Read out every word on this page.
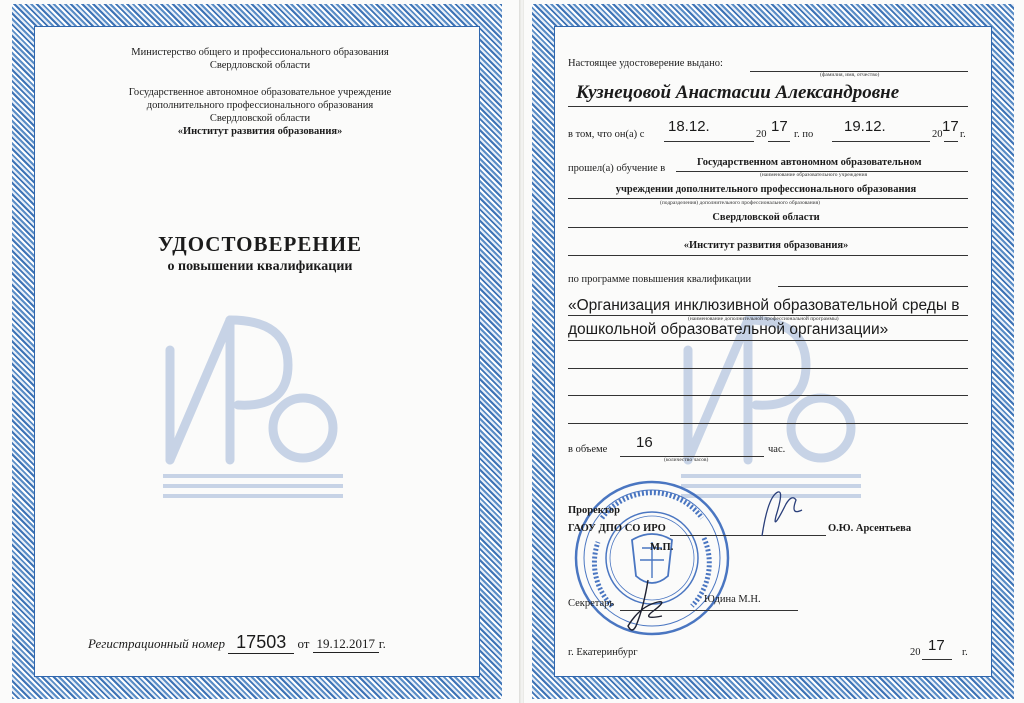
Министерство общего и профессионального образования
Свердловской области
Государственное автономное образовательное учреждение
дополнительного профессионального образования
Свердловской области
«Институт развития образования»
УДОСТОВЕРЕНИЕ
о повышении квалификации
Регистрационный номер 17503 от 19.12.2017 г.
Настоящее удостоверение выдано:
(фамилия, имя, отчество)
Кузнецовой Анастасии Александровне
в том, что он(а) с 18.12.	20 17 г. по 19.12.	20 17 г.
прошел(а) обучение в
Государственном автономном образовательном
(наименование образовательного учреждения
учреждении дополнительного профессионального образования
(подразделения) дополнительного профессионального образования)
Свердловской области
«Институт развития образования»
по программе повышения квалификации
«Организация инклюзивной образовательной среды в
(наименование дополнительной профессиональной программы)
дошкольной образовательной организации»
в объеме 16
(количество часов)
час.
Проректор
ГАОУ ДПО СО ИРО	О.Ю. Арсентьева
М.П.
Секретарь	Юдина М.Н.
г. Екатеринбург	20 17 г.
